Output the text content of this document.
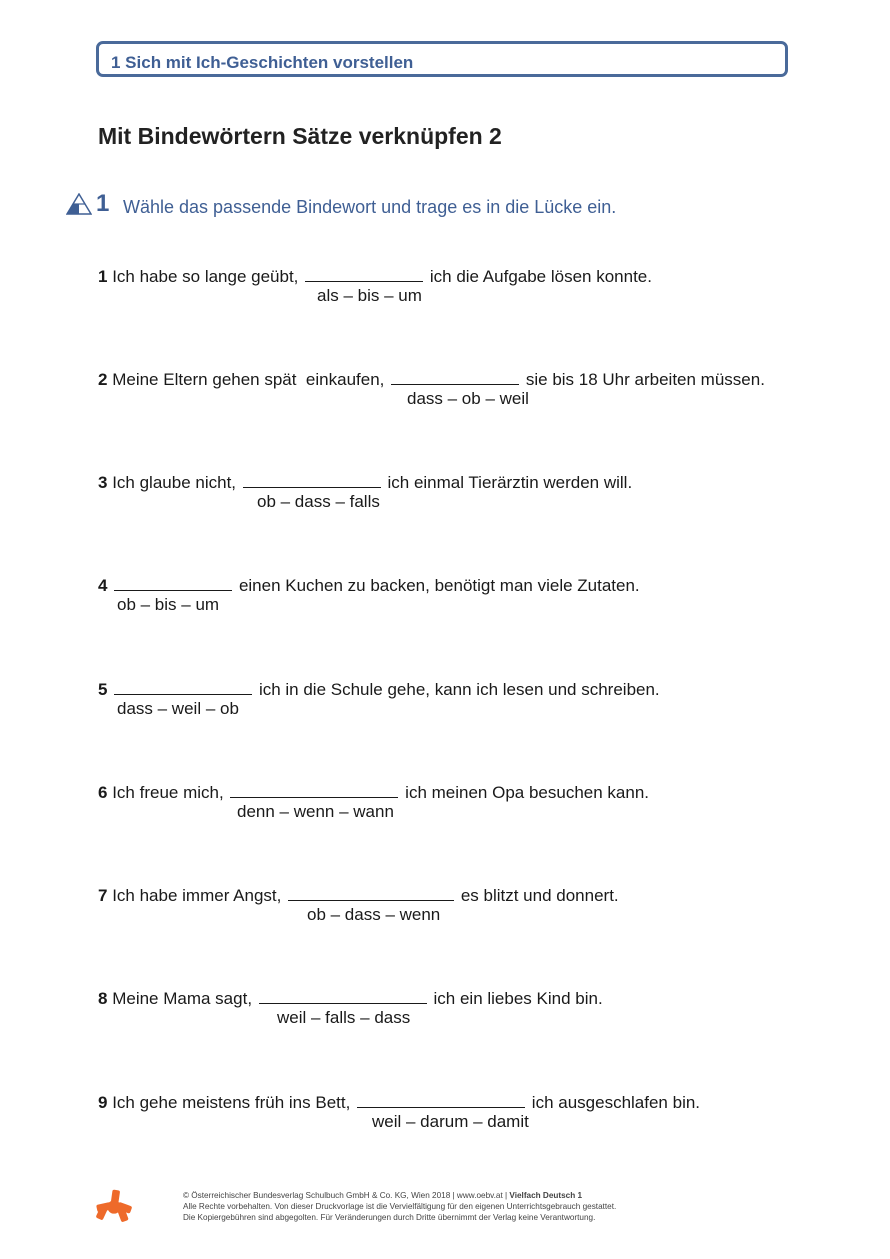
1 Sich mit Ich-Geschichten vorstellen
Mit Bindewörtern Sätze verknüpfen 2
1 Wähle das passende Bindewort und trage es in die Lücke ein.
1 Ich habe so lange geübt,	ich die Aufgabe lösen konnte.
als – bis – um
2 Meine Eltern gehen spät  einkaufen,	sie bis 18 Uhr arbeiten müssen.
dass – ob – weil
3 Ich glaube nicht,	ich einmal Tierärztin werden will.
ob – dass – falls
4	einen Kuchen zu backen, benötigt man viele Zutaten.
ob – bis – um
5	ich in die Schule gehe, kann ich lesen und schreiben.
dass – weil – ob
6 Ich freue mich,	ich meinen Opa besuchen kann.
denn – wenn – wann
7 Ich habe immer Angst,	es blitzt und donnert.
ob – dass – wenn
8 Meine Mama sagt,	ich ein liebes Kind bin.
weil – falls – dass
9 Ich gehe meistens früh ins Bett,	ich ausgeschlafen bin.
weil – darum – damit
© Österreichischer Bundesverlag Schulbuch GmbH & Co. KG, Wien 2018 | www.oebv.at | Vielfach Deutsch 1
Alle Rechte vorbehalten. Von dieser Druckvorlage ist die Vervielfältigung für den eigenen Unterrichtsgebrauch gestattet.
Die Kopiergebühren sind abgegolten. Für Veränderungen durch Dritte übernimmt der Verlag keine Verantwortung.
